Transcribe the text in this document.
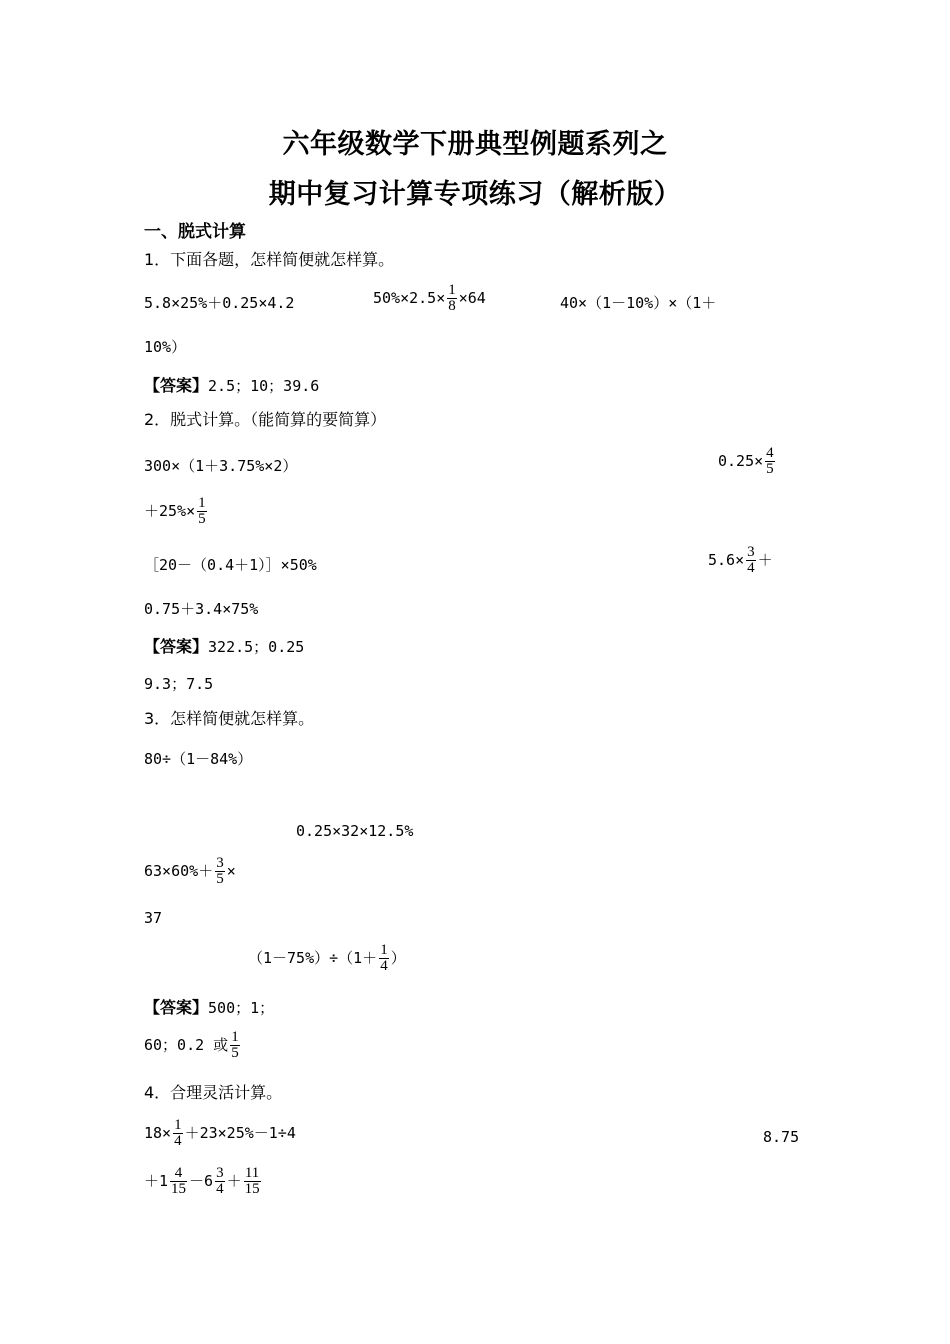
六年级数学下册典型例题系列之
期中复习计算专项练习（解析版）
一、脱式计算
1．下面各题，怎样简便就怎样算。
5.8×25%＋0.25×4.2	$50\%\times 2.5\times \frac{1}{8} \times 64$	40×（1－10%）×（1＋
10%）
【答案】2.5；10；39.6
2．脱式计算。（能简算的要简算）
300×（1＋3.75%×2）	$0.25\times \frac{4}{5}$
$+25\%\times \frac{1}{5}$
［20－（0.4＋1）］×50%	$5.6\times \frac{3}{4}$ ＋
0.75＋3.4×75%
【答案】322.5；0.25
9.3；7.5
3．怎样简便就怎样算。
80÷（1－84%）
0.25×32×12.5%
$63\times 60\%+ \frac{3}{5}$ ×
37
$(1-75\%)\div(1+ \frac{1}{4}$ ）
【答案】500；1；
60；0.2 或 $\frac{1}{5}$
4．合理灵活计算。
$18\times \frac{1}{4} +23\times 25\%-1\div 4$	8.75
$+1 \frac{4}{15} -6 \frac{3}{4} + \frac{11}{15}$
